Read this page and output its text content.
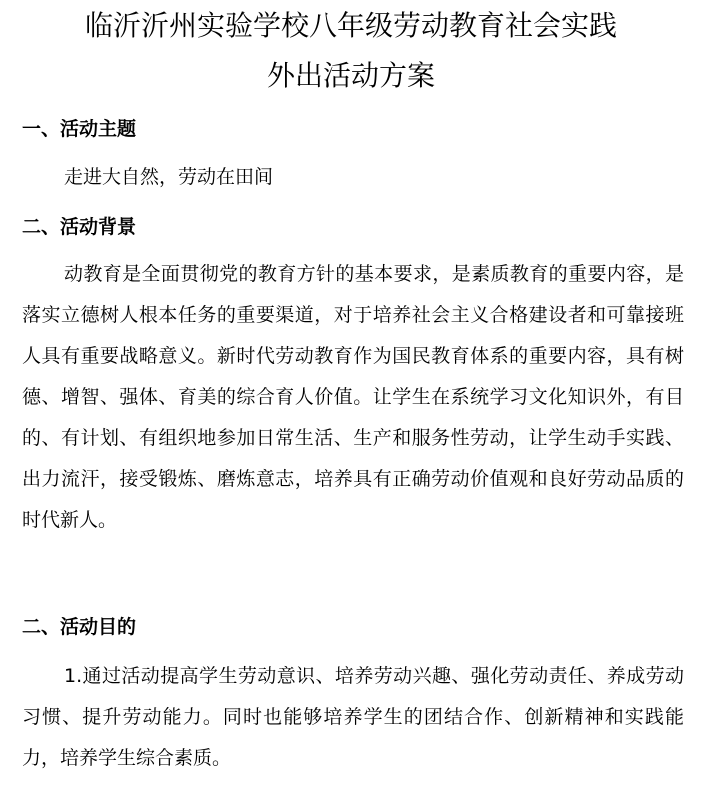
临沂沂州实验学校八年级劳动教育社会实践
外出活动方案
一、活动主题

走进大自然，劳动在田间

二、活动背景

动教育是全面贯彻党的教育方针的基本要求，是素质教育的重要内容，是落实立德树人根本任务的重要渠道，对于培养社会主义合格建设者和可靠接班人具有重要战略意义。新时代劳动教育作为国民教育体系的重要内容，具有树德、增智、强体、育美的综合育人价值。让学生在系统学习文化知识外，有目的、有计划、有组织地参加日常生活、生产和服务性劳动，让学生动手实践、出力流汗，接受锻炼、磨炼意志，培养具有正确劳动价值观和良好劳动品质的时代新人。

二、活动目的

1.通过活动提高学生劳动意识、培养劳动兴趣、强化劳动责任、养成劳动习惯、提升劳动能力。同时也能够培养学生的团结合作、创新精神和实践能力，培养学生综合素质。
